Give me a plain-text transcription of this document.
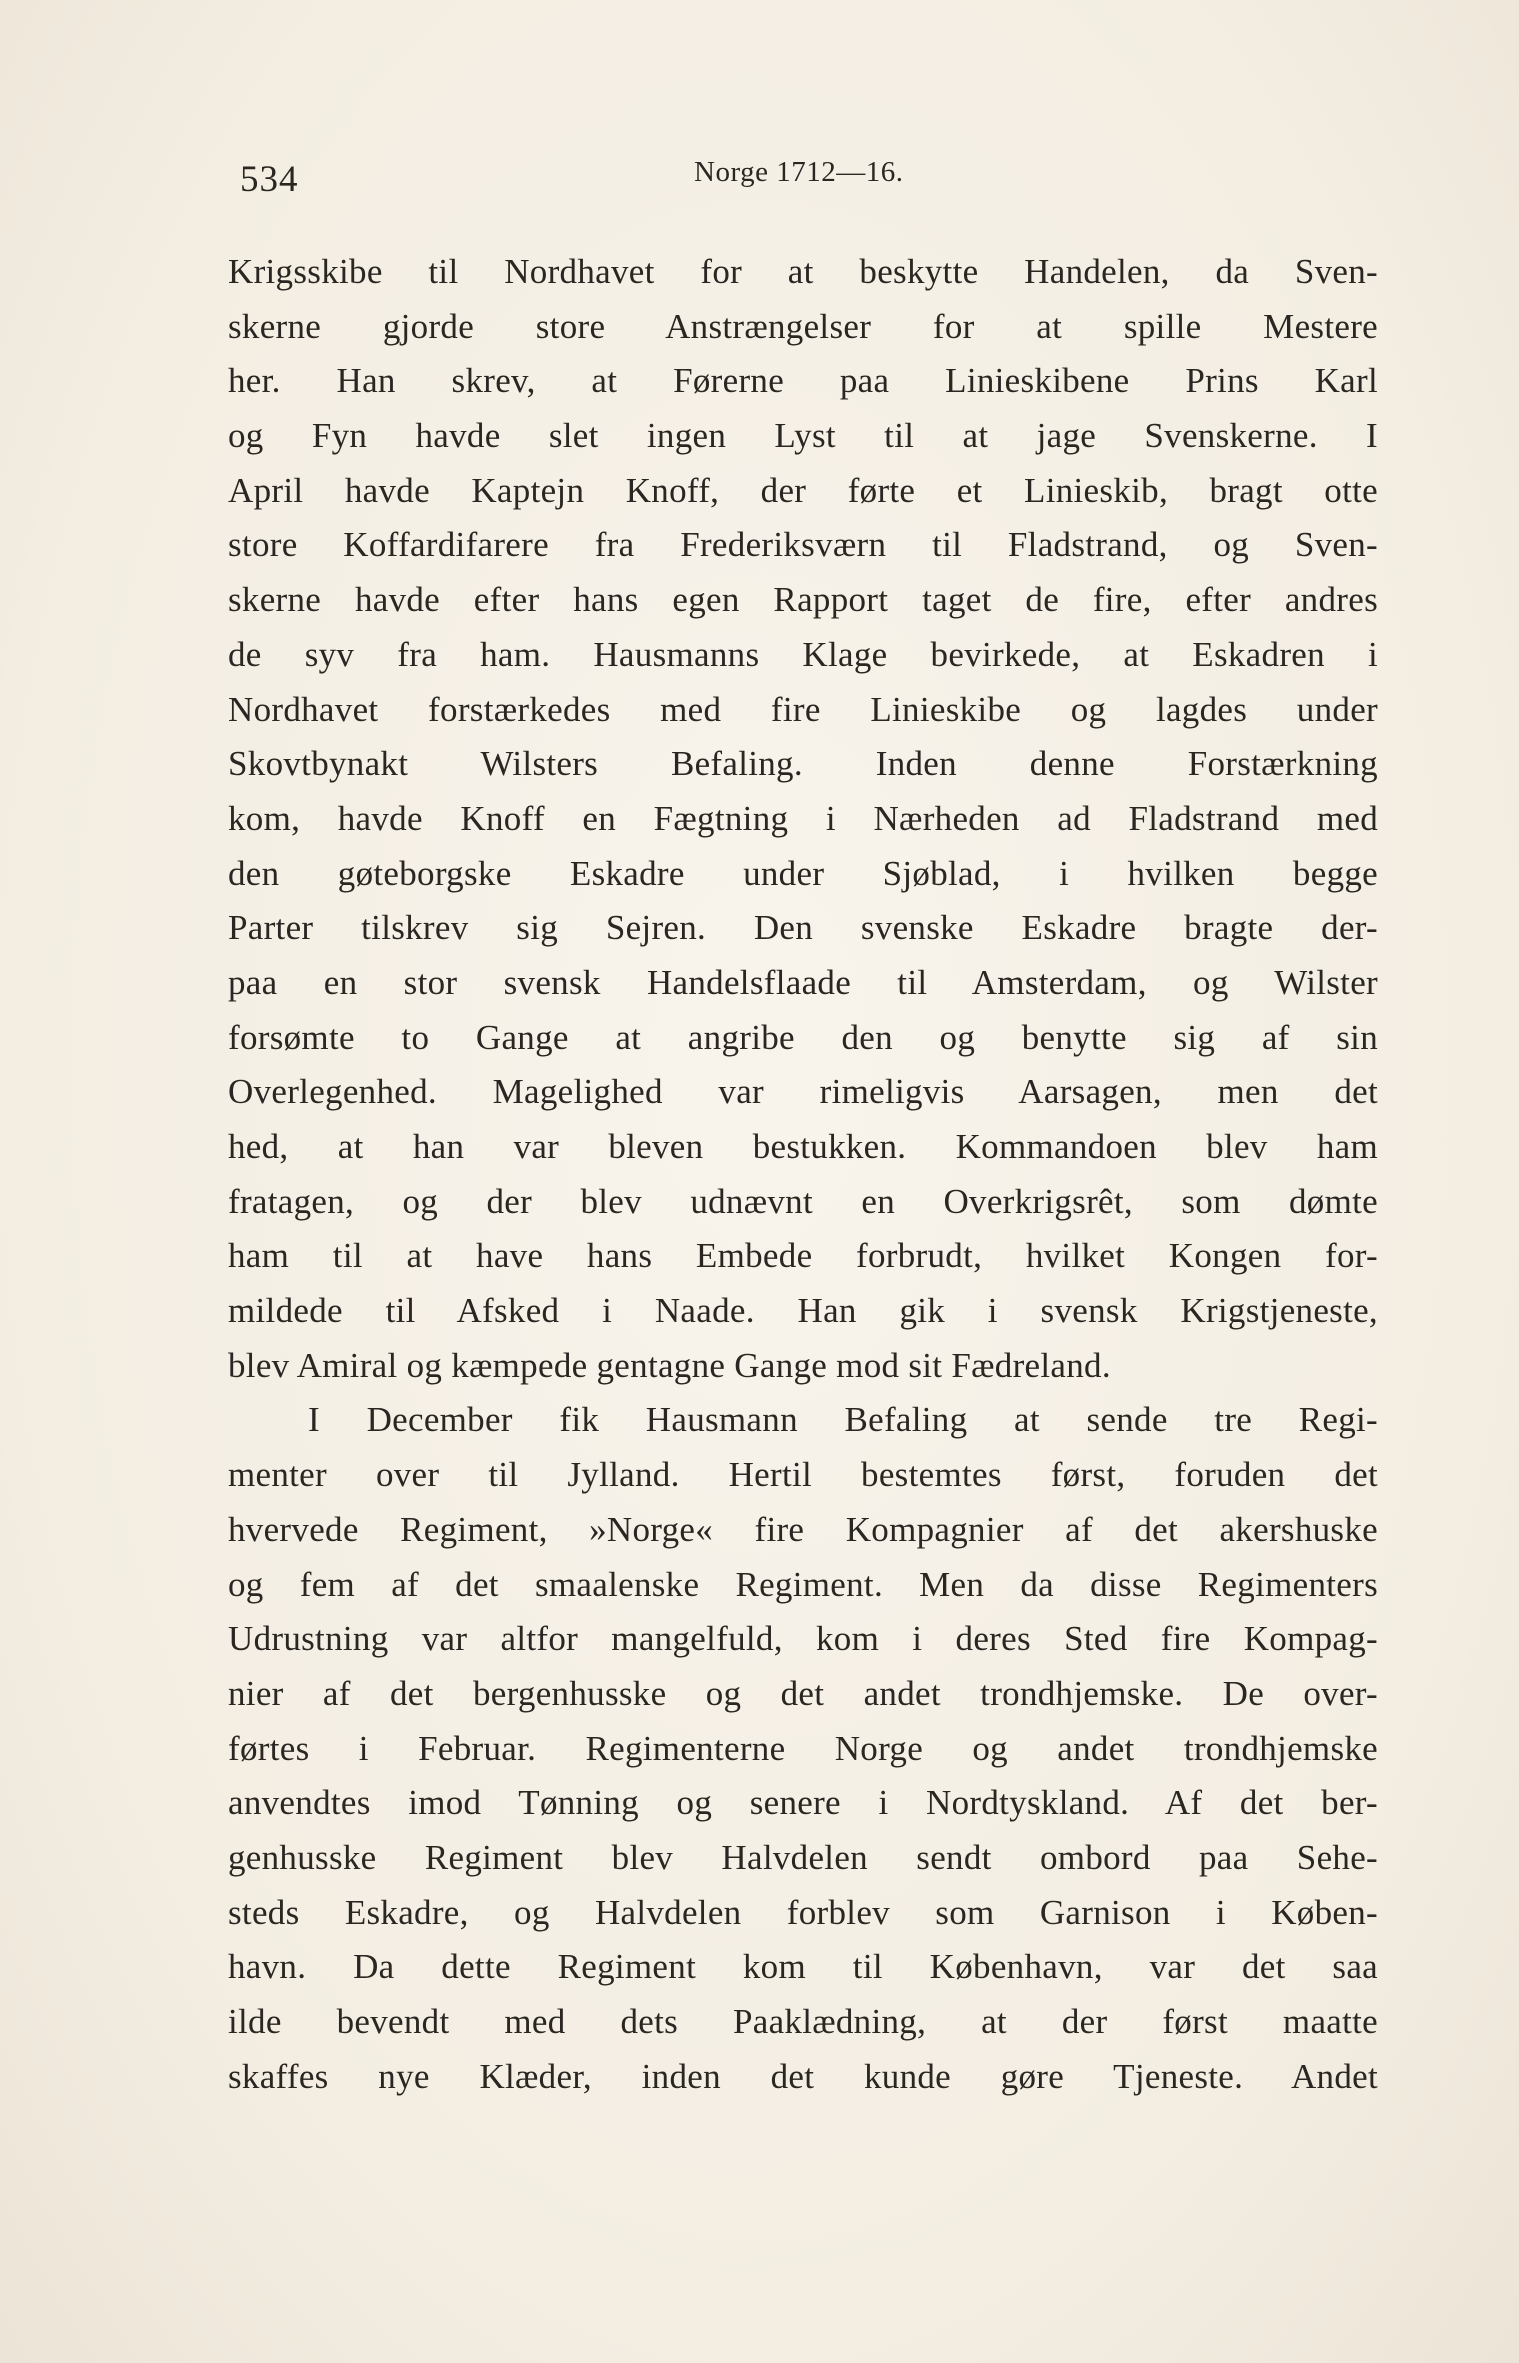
534	Norge 1712—16.
Krigsskibe til Nordhavet for at beskytte Handelen, da Sven-
skerne gjorde store Anstrængelser for at spille Mestere
her. Han skrev, at Førerne paa Linieskibene Prins Karl
og Fyn havde slet ingen Lyst til at jage Svenskerne. I
April havde Kaptejn Knoff, der førte et Linieskib, bragt otte
store Koffardifarere fra Frederiksværn til Fladstrand, og Sven-
skerne havde efter hans egen Rapport taget de fire, efter andres
de syv fra ham. Hausmanns Klage bevirkede, at Eskadren i
Nordhavet forstærkedes med fire Linieskibe og lagdes under
Skovtbynakt Wilsters Befaling. Inden denne Forstærkning
kom, havde Knoff en Fægtning i Nærheden ad Fladstrand med
den gøteborgske Eskadre under Sjøblad, i hvilken begge
Parter tilskrev sig Sejren. Den svenske Eskadre bragte der-
paa en stor svensk Handelsflaade til Amsterdam, og Wilster
forsømte to Gange at angribe den og benytte sig af sin
Overlegenhed. Magelighed var rimeligvis Aarsagen, men det
hed, at han var bleven bestukken. Kommandoen blev ham
fratagen, og der blev udnævnt en Overkrigsrêt, som dømte
ham til at have hans Embede forbrudt, hvilket Kongen for-
mildede til Afsked i Naade. Han gik i svensk Krigstjeneste,
blev Amiral og kæmpede gentagne Gange mod sit Fædreland.
I December fik Hausmann Befaling at sende tre Regi-
menter over til Jylland. Hertil bestemtes først, foruden det
hvervede Regiment, »Norge« fire Kompagnier af det akershuske
og fem af det smaalenske Regiment. Men da disse Regimenters
Udrustning var altfor mangelfuld, kom i deres Sted fire Kompag-
nier af det bergenhusske og det andet trondhjemske. De over-
førtes i Februar. Regimenterne Norge og andet trondhjemske
anvendtes imod Tønning og senere i Nordtyskland. Af det ber-
genhusske Regiment blev Halvdelen sendt ombord paa Sehe-
steds Eskadre, og Halvdelen forblev som Garnison i Køben-
havn. Da dette Regiment kom til København, var det saa
ilde bevendt med dets Paaklædning, at der først maatte
skaffes nye Klæder, inden det kunde gøre Tjeneste. Andet
